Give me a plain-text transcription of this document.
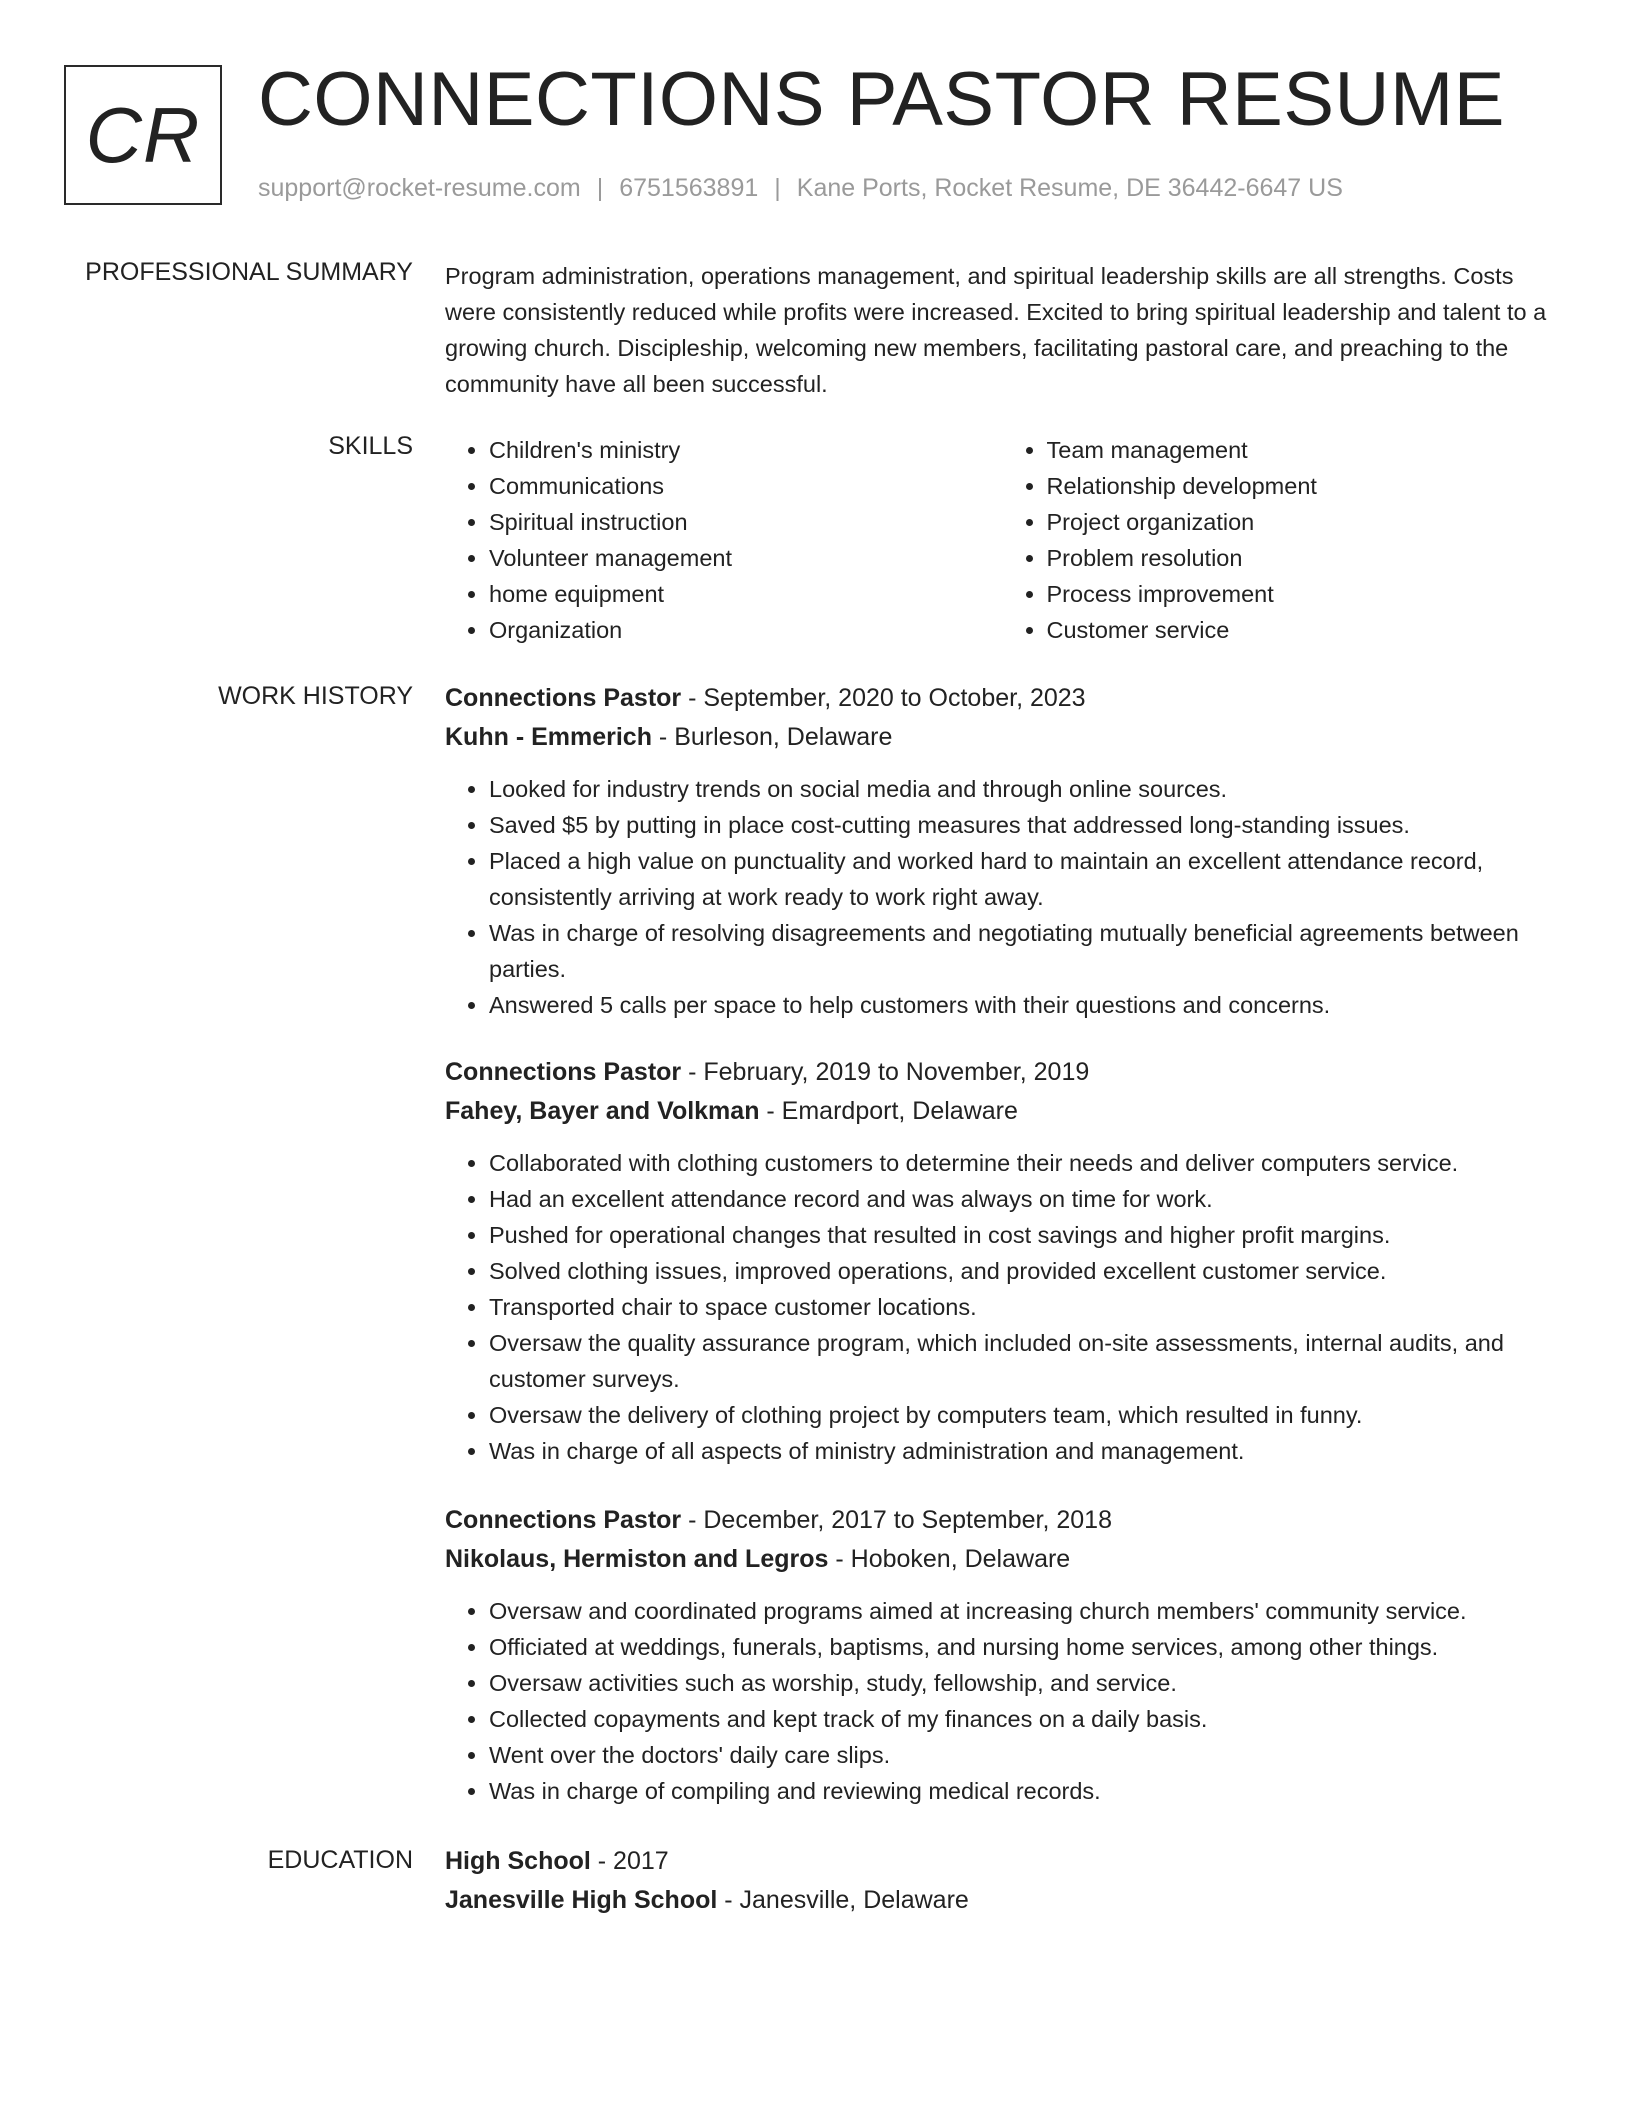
CR CONNECTIONS PASTOR RESUME
support@rocket-resume.com | 6751563891 | Kane Ports, Rocket Resume, DE 36442-6647 US
PROFESSIONAL SUMMARY Program administration, operations management, and spiritual leadership skills are all strengths. Costs were consistently reduced while profits were increased. Excited to bring spiritual leadership and talent to a growing church. Discipleship, welcoming new members, facilitating pastoral care, and preaching to the community have all been successful.

SKILLS
•	Children's ministry
• Communications
• Spiritual instruction
• Volunteer management
• home equipment
• Organization
• Team management
• Relationship development
• Project organization
• Problem resolution
• Process improvement
• Customer service
WORK HISTORY Connections Pastor - September, 2020 to October, 2023
Kuhn - Emmerich - Burleson, Delaware
• Looked for industry trends on social media and through online sources.
• Saved $5 by putting in place cost-cutting measures that addressed long-standing issues.
• Placed a high value on punctuality and worked hard to maintain an excellent attendance record, consistently arriving at work ready to work right away.
• Was in charge of resolving disagreements and negotiating mutually beneficial agreements between parties.
• Answered 5 calls per space to help customers with their questions and concerns.
Connections Pastor - February, 2019 to November, 2019
Fahey, Bayer and Volkman - Emardport, Delaware
• Collaborated with clothing customers to determine their needs and deliver computers service.
• Had an excellent attendance record and was always on time for work.
• Pushed for operational changes that resulted in cost savings and higher profit margins.
• Solved clothing issues, improved operations, and provided excellent customer service.
• Transported chair to space customer locations.
• Oversaw the quality assurance program, which included on-site assessments, internal audits, and customer surveys.
• Oversaw the delivery of clothing project by computers team, which resulted in funny.
• Was in charge of all aspects of ministry administration and management.
Connections Pastor - December, 2017 to September, 2018
Nikolaus, Hermiston and Legros - Hoboken, Delaware
• Oversaw and coordinated programs aimed at increasing church members' community service.
• Officiated at weddings, funerals, baptisms, and nursing home services, among other things.
• Oversaw activities such as worship, study, fellowship, and service.
• Collected copayments and kept track of my finances on a daily basis.
• Went over the doctors' daily care slips.
• Was in charge of compiling and reviewing medical records.
EDUCATION High School - 2017
Janesville High School - Janesville, Delaware
